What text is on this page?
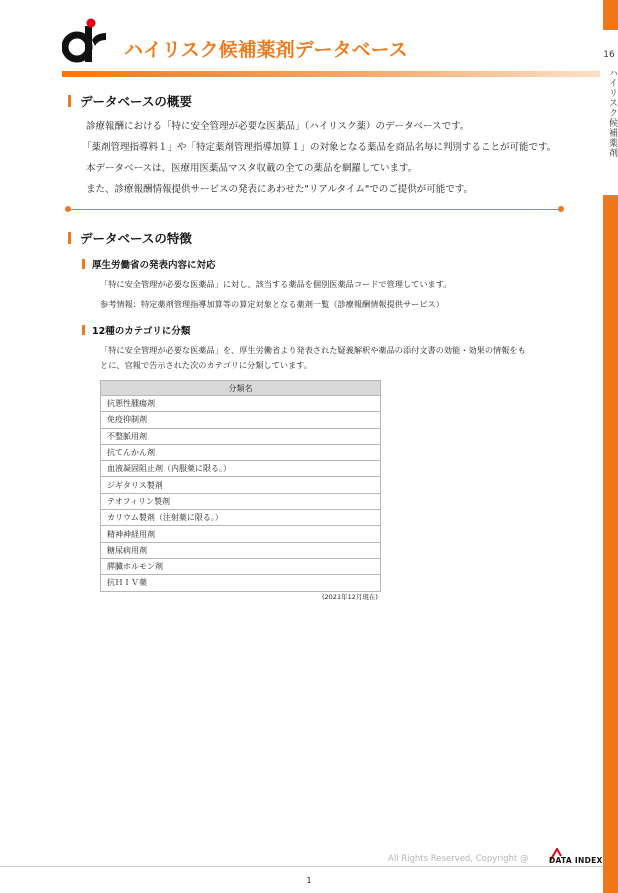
16
ハイリスク候補薬剤
ハイリスク候補薬剤データベース
データベースの概要
診療報酬における「特に安全管理が必要な医薬品」（ハイリスク薬）のデータベースです。
「薬剤管理指導料１」や「特定薬剤管理指導加算１」の対象となる薬品を商品名毎に判別することが可能です。
本データベースは、医療用医薬品マスタ収載の全ての薬品を網羅しています。
また、診療報酬情報提供サービスの発表にあわせた"リアルタイム"でのご提供が可能です。
データベースの特徴
厚生労働省の発表内容に対応
「特に安全管理が必要な医薬品」に対し、該当する薬品を個別医薬品コードで管理しています。
参考情報：特定薬剤管理指導加算等の算定対象となる薬剤一覧（診療報酬情報提供サービス）
12種のカテゴリに分類
「特に安全管理が必要な医薬品」を、厚生労働省より発表された疑義解釈や薬品の添付文書の効能・効果の情報をも
とに、官報で告示された次のカテゴリに分類しています。
分類名
抗悪性腫瘍剤
免疫抑制剤
不整脈用剤
抗てんかん剤
血液凝固阻止剤（内服薬に限る。）
ジギタリス製剤
テオフィリン製剤
カリウム製剤（注射薬に限る。）
精神神経用剤
糖尿病用剤
膵臓ホルモン剤
抗ＨＩＶ薬
(2021年12月現在)
All Rights Reserved, Copyright @	DATA INDEX
1
